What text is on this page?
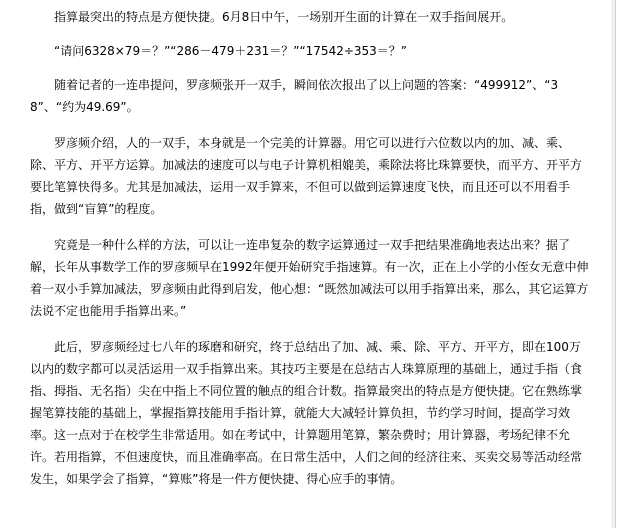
指算最突出的特点是方便快捷。6月8日中午，一场别开生面的计算在一双手指间展开。

“请问6328×79＝？”“286－479＋231＝？”“17542÷353＝？”

随着记者的一连串提问，罗彦频张开一双手，瞬间依次报出了以上问题的答案：“499912”、“38”、“约为49.69”。

罗彦频介绍，人的一双手，本身就是一个完美的计算器。用它可以进行六位数以内的加、减、乘、除、平方、开平方运算。加减法的速度可以与电子计算机相媲美，乘除法将比珠算要快，而平方、开平方要比笔算快得多。尤其是加减法，运用一双手算来，不但可以做到运算速度飞快，而且还可以不用看手指，做到“盲算”的程度。

究竟是一种什么样的方法，可以让一连串复杂的数字运算通过一双手把结果准确地表达出来？据了解，长年从事数学工作的罗彦频早在1992年便开始研究手指速算。有一次，正在上小学的小侄女无意中伸着一双小手算加减法，罗彦频由此得到启发，他心想：“既然加减法可以用手指算出来，那么，其它运算方法说不定也能用手指算出来。”

此后，罗彦频经过七八年的琢磨和研究，终于总结出了加、减、乘、除、平方、开平方，即在100万以内的数字都可以灵活运用一双手指算出来。其技巧主要是在总结古人珠算原理的基础上，通过手指（食指、拇指、无名指）尖在中指上不同位置的触点的组合计数。指算最突出的特点是方便快捷。它在熟练掌握笔算技能的基础上，掌握指算技能用手指计算，就能大大减轻计算负担，节约学习时间，提高学习效率。这一点对于在校学生非常适用。如在考试中，计算题用笔算，繁杂费时；用计算器，考场纪律不允许。若用指算，不但速度快，而且准确率高。在日常生活中，人们之间的经济往来、买卖交易等活动经常发生，如果学会了指算，“算账”将是一件方便快捷、得心应手的事情。
